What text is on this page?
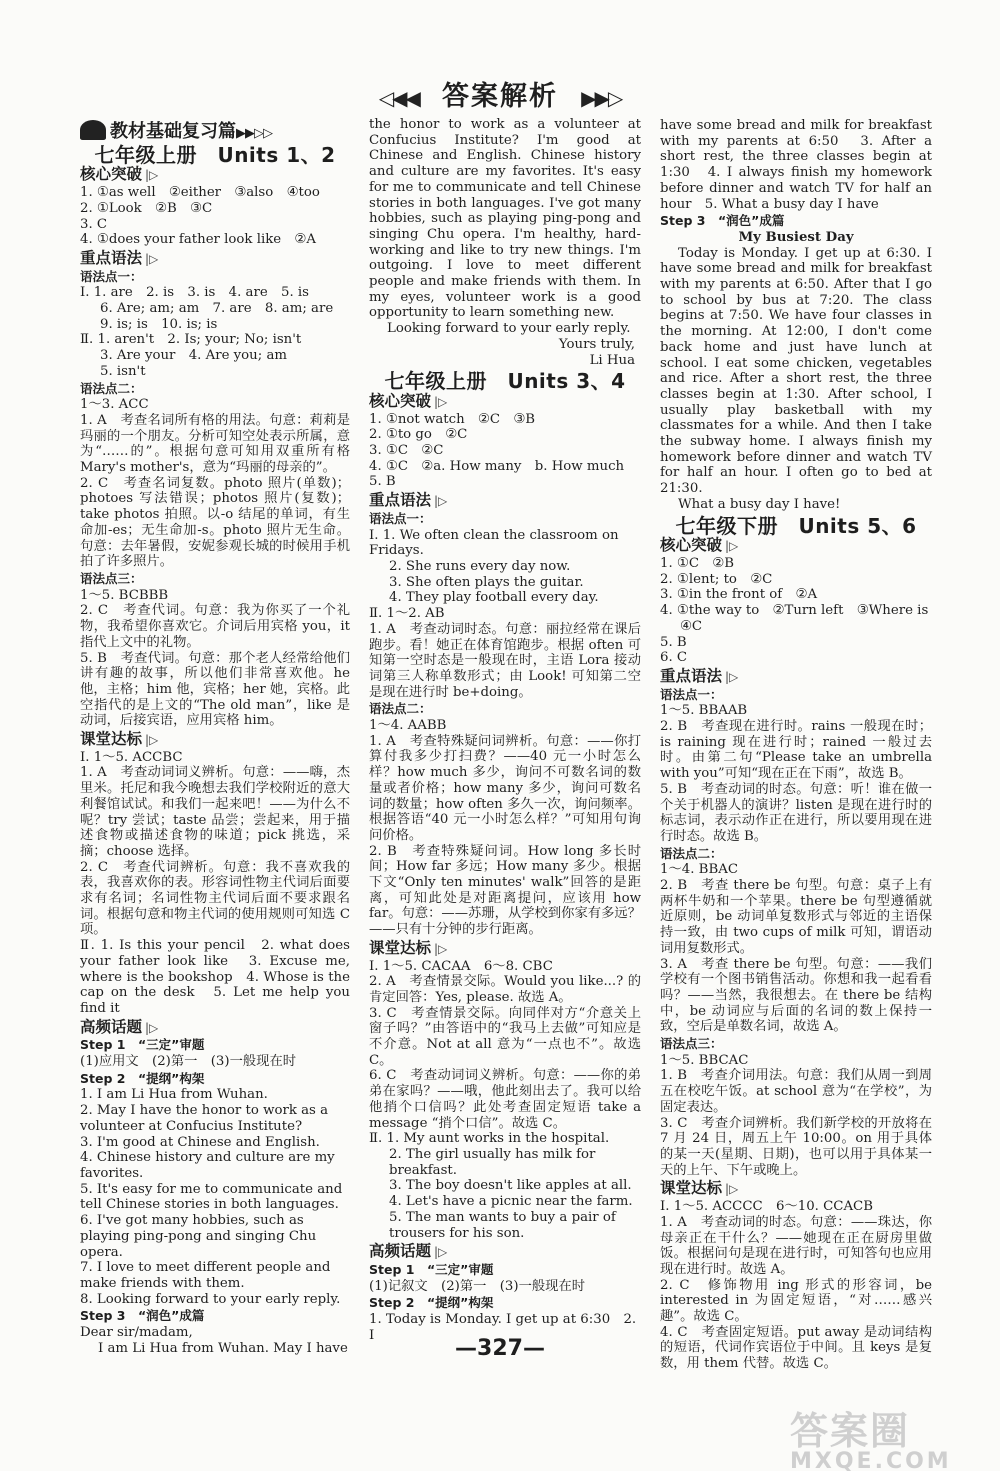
◁◀◀ 答案解析 ▶▶▷
教材基础复习篇▶▶▷▷
七年级上册　Units 1、2
核心突破 |▷
1. ①as well　②either　③also　④too
2. ①Look　②B　③C
3. C
4. ①does your father look like　②A
重点语法 |▷
语法点一：
Ⅰ. 1. are　2. is　3. is　4. are　5. is
6. Are; am; am　7. are　8. am; are
9. is; is　10. is; is
Ⅱ. 1. aren't　2. Is; your; No; isn't
3. Are your　4. Are you; am
5. isn't
语法点二：
1～3. ACC
1. A　考查名词所有格的用法。句意：莉莉是玛丽的一个朋友。分析可知空处表示所属，意为“……的”。根据句意可知用双重所有格 Mary's mother's，意为“玛丽的母亲的”。
2. C　考查名词复数。photo 照片(单数)；photoes 写法错误；photos 照片(复数)；take photos 拍照。以-o 结尾的单词，有生命加-es；无生命加-s。photo 照片无生命。句意：去年暑假，安妮参观长城的时候用手机拍了许多照片。
语法点三：
1～5. BCBBB
2. C　考查代词。句意：我为你买了一个礼物，我希望你喜欢它。介词后用宾格 you，it 指代上文中的礼物。
5. B　考查代词。句意：那个老人经常给他们讲有趣的故事，所以他们非常喜欢他。he 他，主格；him 他，宾格；her 她，宾格。此空指代的是上文的“The old man”，like 是动词，后接宾语，应用宾格 him。
课堂达标 |▷
Ⅰ. 1～5. ACCBC
1. A　考查动词词义辨析。句意：——嗨，杰里米。托尼和我今晚想去我们学校附近的意大利餐馆试试。和我们一起来吧！——为什么不呢？try 尝试；taste 品尝；尝起来，用于描述食物或描述食物的味道；pick 挑选，采摘；choose 选择。
2. C　考查代词辨析。句意：我不喜欢我的表，我喜欢你的表。形容词性物主代词后面要求有名词；名词性物主代词后面不要求跟名词。根据句意和物主代词的使用规则可知选 C 项。
Ⅱ. 1. Is this your pencil　2. what does your father look like　3. Excuse me, where is the bookshop　4. Whose is the cap on the desk　5. Let me help you find it
高频话题 |▷
Step 1　“三定”审题
(1)应用文　(2)第一　(3)一般现在时
Step 2　“提纲”构架
1. I am Li Hua from Wuhan.
2. May I have the honor to work as a volunteer at Confucius Institute?
3. I'm good at Chinese and English.
4. Chinese history and culture are my favorites.
5. It's easy for me to communicate and tell Chinese stories in both languages.
6. I've got many hobbies, such as playing ping-pong and singing Chu opera.
7. I love to meet different people and make friends with them.
8. Looking forward to your early reply.
Step 3　“润色”成篇
Dear sir/madam,
I am Li Hua from Wuhan. May I have
the honor to work as a volunteer at Confucius Institute? I'm good at Chinese and English. Chinese history and culture are my favorites. It's easy for me to communicate and tell Chinese stories in both languages. I've got many hobbies, such as playing ping-pong and singing Chu opera. I'm healthy, hard-working and like to try new things. I'm outgoing. I love to meet different people and make friends with them. In my eyes, volunteer work is a good opportunity to learn something new.
Looking forward to your early reply.
Yours truly,
Li Hua
七年级上册　Units 3、4
核心突破 |▷
1. ①not watch　②C　③B
2. ①to go　②C
3. ①C　②C
4. ①C　②a. How many　b. How much
5. B
重点语法 |▷
语法点一：
Ⅰ. 1. We often clean the classroom on Fridays.
2. She runs every day now.
3. She often plays the guitar.
4. They play football every day.
Ⅱ. 1～2. AB
1. A　考查动词时态。句意：丽拉经常在课后跑步。看！她正在体育馆跑步。根据 often 可知第一空时态是一般现在时，主语 Lora 接动词第三人称单数形式；由 Look! 可知第二空是现在进行时 be+doing。
语法点二：
1～4. AABB
1. A　考查特殊疑问词辨析。句意：——你打算付我多少打扫费？——40 元一小时怎么样？how much 多少，询问不可数名词的数量或者价格；how many 多少，询问可数名词的数量；how often 多久一次，询问频率。根据答语“40 元一小时怎么样？”可知用句询问价格。
2. B　考查特殊疑问词。How long 多长时间；How far 多远；How many 多少。根据下文“Only ten minutes' walk”回答的是距离，可知此处是对距离提问，应该用 how far。句意：——苏珊，从学校到你家有多远？——只有十分钟的步行距离。
课堂达标 |▷
Ⅰ. 1～5. CACAA　6～8. CBC
2. A　考查情景交际。Would you like...? 的肯定回答：Yes, please. 故选 A。
3. C　考查情景交际。向同伴对方“介意关上窗子吗？”由答语中的“我马上去做”可知应是不介意。Not at all 意为“一点也不”。故选 C。
6. C　考查动词词义辨析。句意：——你的弟弟在家吗？——哦，他此刻出去了。我可以给他捎个口信吗？此处考查固定短语 take a message “捎个口信”。故选 C。
Ⅱ. 1. My aunt works in the hospital.
2. The girl usually has milk for breakfast.
3. The boy doesn't like apples at all.
4. Let's have a picnic near the farm.
5. The man wants to buy a pair of trousers for his son.
高频话题 |▷
Step 1　“三定”审题
(1)记叙文　(2)第一　(3)一般现在时
Step 2　“提纲”构架
1. Today is Monday. I get up at 6:30　2. I
have some bread and milk for breakfast with my parents at 6:50　3. After a short rest, the three classes begin at 1:30　4. I always finish my homework before dinner and watch TV for half an hour　5. What a busy day I have
Step 3　“润色”成篇
My Busiest Day
Today is Monday. I get up at 6:30. I have some bread and milk for breakfast with my parents at 6:50. After that I go to school by bus at 7:20. The class begins at 7:50. We have four classes in the morning. At 12:00, I don't come back home and just have lunch at school. I eat some chicken, vegetables and rice. After a short rest, the three classes begin at 1:30. After school, I usually play basketball with my classmates for a while. And then I take the subway home. I always finish my homework before dinner and watch TV for half an hour. I often go to bed at 21:30.
What a busy day I have!
七年级下册　Units 5、6
核心突破 |▷
1. ①C　②B
2. ①lent; to　②C
3. ①in the front of　②A
4. ①the way to　②Turn left　③Where is
④C
5. B
6. C
重点语法 |▷
语法点一：
1～5. BBAAB
2. B　考查现在进行时。rains 一般现在时；is raining 现在进行时；rained 一般过去时。由第二句“Please take an umbrella with you”可知“现在正在下雨”，故选 B。
5. B　考查动词的时态。句意：听！谁在做一个关于机器人的演讲？listen 是现在进行时的标志词，表示动作正在进行，所以要用现在进行时态。故选 B。
语法点二：
1～4. BBAC
2. B　考查 there be 句型。句意：桌子上有两杯牛奶和一个苹果。there be 句型遵循就近原则，be 动词单复数形式与邻近的主语保持一致，由 two cups of milk 可知，谓语动词用复数形式。
3. A　考查 there be 句型。句意：——我们学校有一个图书销售活动。你想和我一起看看吗？——当然，我很想去。在 there be 结构中，be 动词应与后面的名词的数上保持一致，空后是单数名词，故选 A。
语法点三：
1～5. BBCAC
1. B　考查介词用法。句意：我们从周一到周五在校吃午饭。at school 意为“在学校”，为固定表达。
3. C　考查介词辨析。我们新学校的开放将在 7 月 24 日，周五上午 10:00。on 用于具体的某一天(星期、日期)，也可以用于具体某一天的上午、下午或晚上。
课堂达标 |▷
Ⅰ. 1～5. ACCCC　6～10. CCACB
1. A　考查动词的时态。句意：——珠达，你母亲正在干什么？——她现在正在厨房里做饭。根据问句是现在进行时，可知答句也应用现在进行时。故选 A。
2. C　修饰物用 ing 形式的形容词，be interested in 为固定短语，“对……感兴趣”。故选 C。
4. C　考查固定短语。put away 是动词结构的短语，代词作宾语位于中间。且 keys 是复数，用 them 代替。故选 C。
—327—
答案圈
MXQE.COM
